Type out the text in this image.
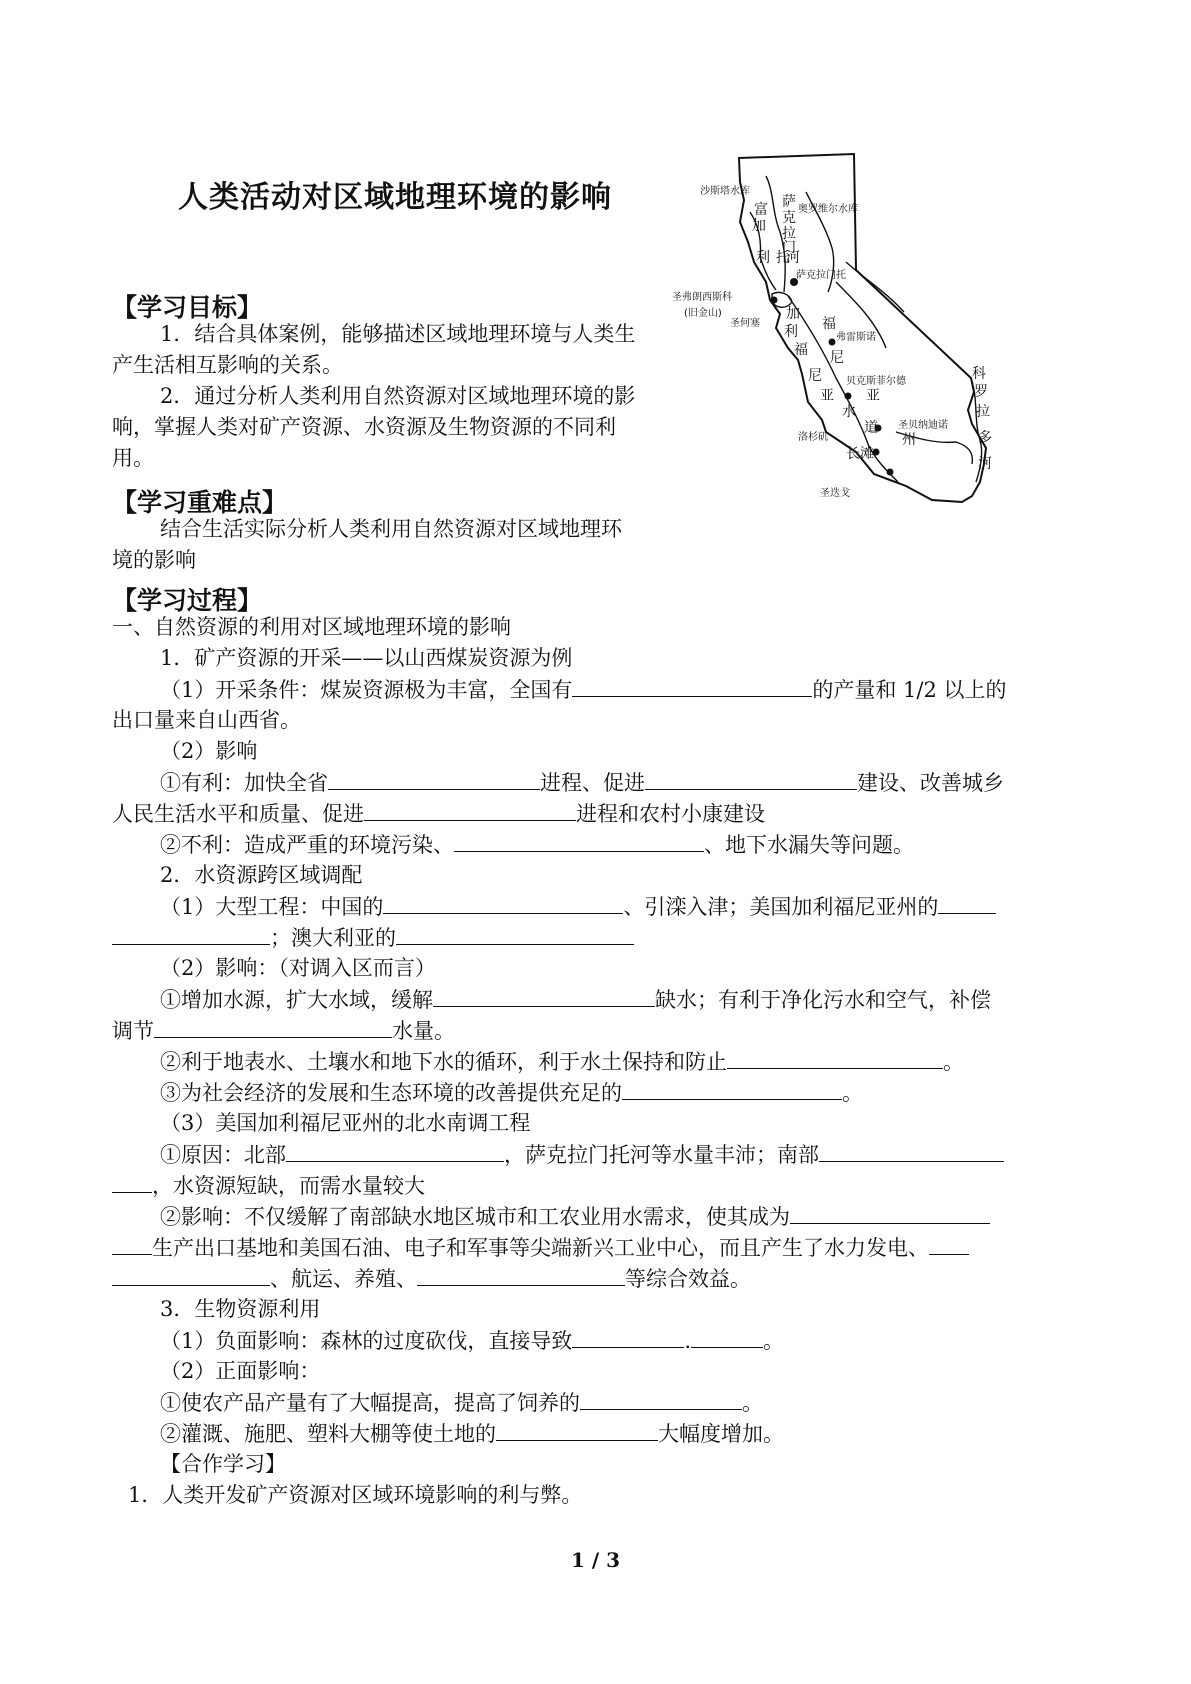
人类活动对区域地理环境的影响	沙斯塔水库
奥罗维尔水库
萨克拉门托
圣弗朗西斯科
(旧金山)
圣何塞
弗雷斯诺
贝克斯菲尔德
圣贝纳迪诺
洛杉矶
圣迭戈
富
加
利
萨
克
拉
门
托
河
加
利
福
尼
亚
福
尼
亚
水
道
长滩
州
科
罗
拉
多
河
【学习目标】
1．结合具体案例，能够描述区域地理环境与人类生
产生活相互影响的关系。
2．通过分析人类利用自然资源对区域地理环境的影
响，掌握人类对矿产资源、水资源及生物资源的不同利
用。
【学习重难点】
结合生活实际分析人类利用自然资源对区域地理环
境的影响
【学习过程】
一、自然资源的利用对区域地理环境的影响
1．矿产资源的开采——以山西煤炭资源为例
（1）开采条件：煤炭资源极为丰富，全国有	的产量和 1/2 以上的
出口量来自山西省。
（2）影响
①有利：加快全省	进程、促进	建设、改善城乡
人民生活水平和质量、促进	进程和农村小康建设
②不利：造成严重的环境污染、	、地下水漏失等问题。
2．水资源跨区域调配
（1）大型工程：中国的	、引滦入津；美国加利福尼亚州的
；澳大利亚的
（2）影响：（对调入区而言）
①增加水源，扩大水域，缓解	缺水；有利于净化污水和空气，补偿
调节	水量。
②利于地表水、土壤水和地下水的循环，利于水土保持和防止	。
③为社会经济的发展和生态环境的改善提供充足的	。
（3）美国加利福尼亚州的北水南调工程
①原因：北部	，萨克拉门托河等水量丰沛；南部
，水资源短缺，而需水量较大
②影响：不仅缓解了南部缺水地区城市和工农业用水需求，使其成为
生产出口基地和美国石油、电子和军事等尖端新兴工业中心，而且产生了水力发电、
、航运、养殖、	等综合效益。
3．生物资源利用
（1）负面影响：森林的过度砍伐，直接导致	.	。
（2）正面影响：
①使农产品产量有了大幅提高，提高了饲养的	。
②灌溉、施肥、塑料大棚等使土地的	大幅度增加。
【合作学习】
1．人类开发矿产资源对区域环境影响的利与弊。
1 / 3
